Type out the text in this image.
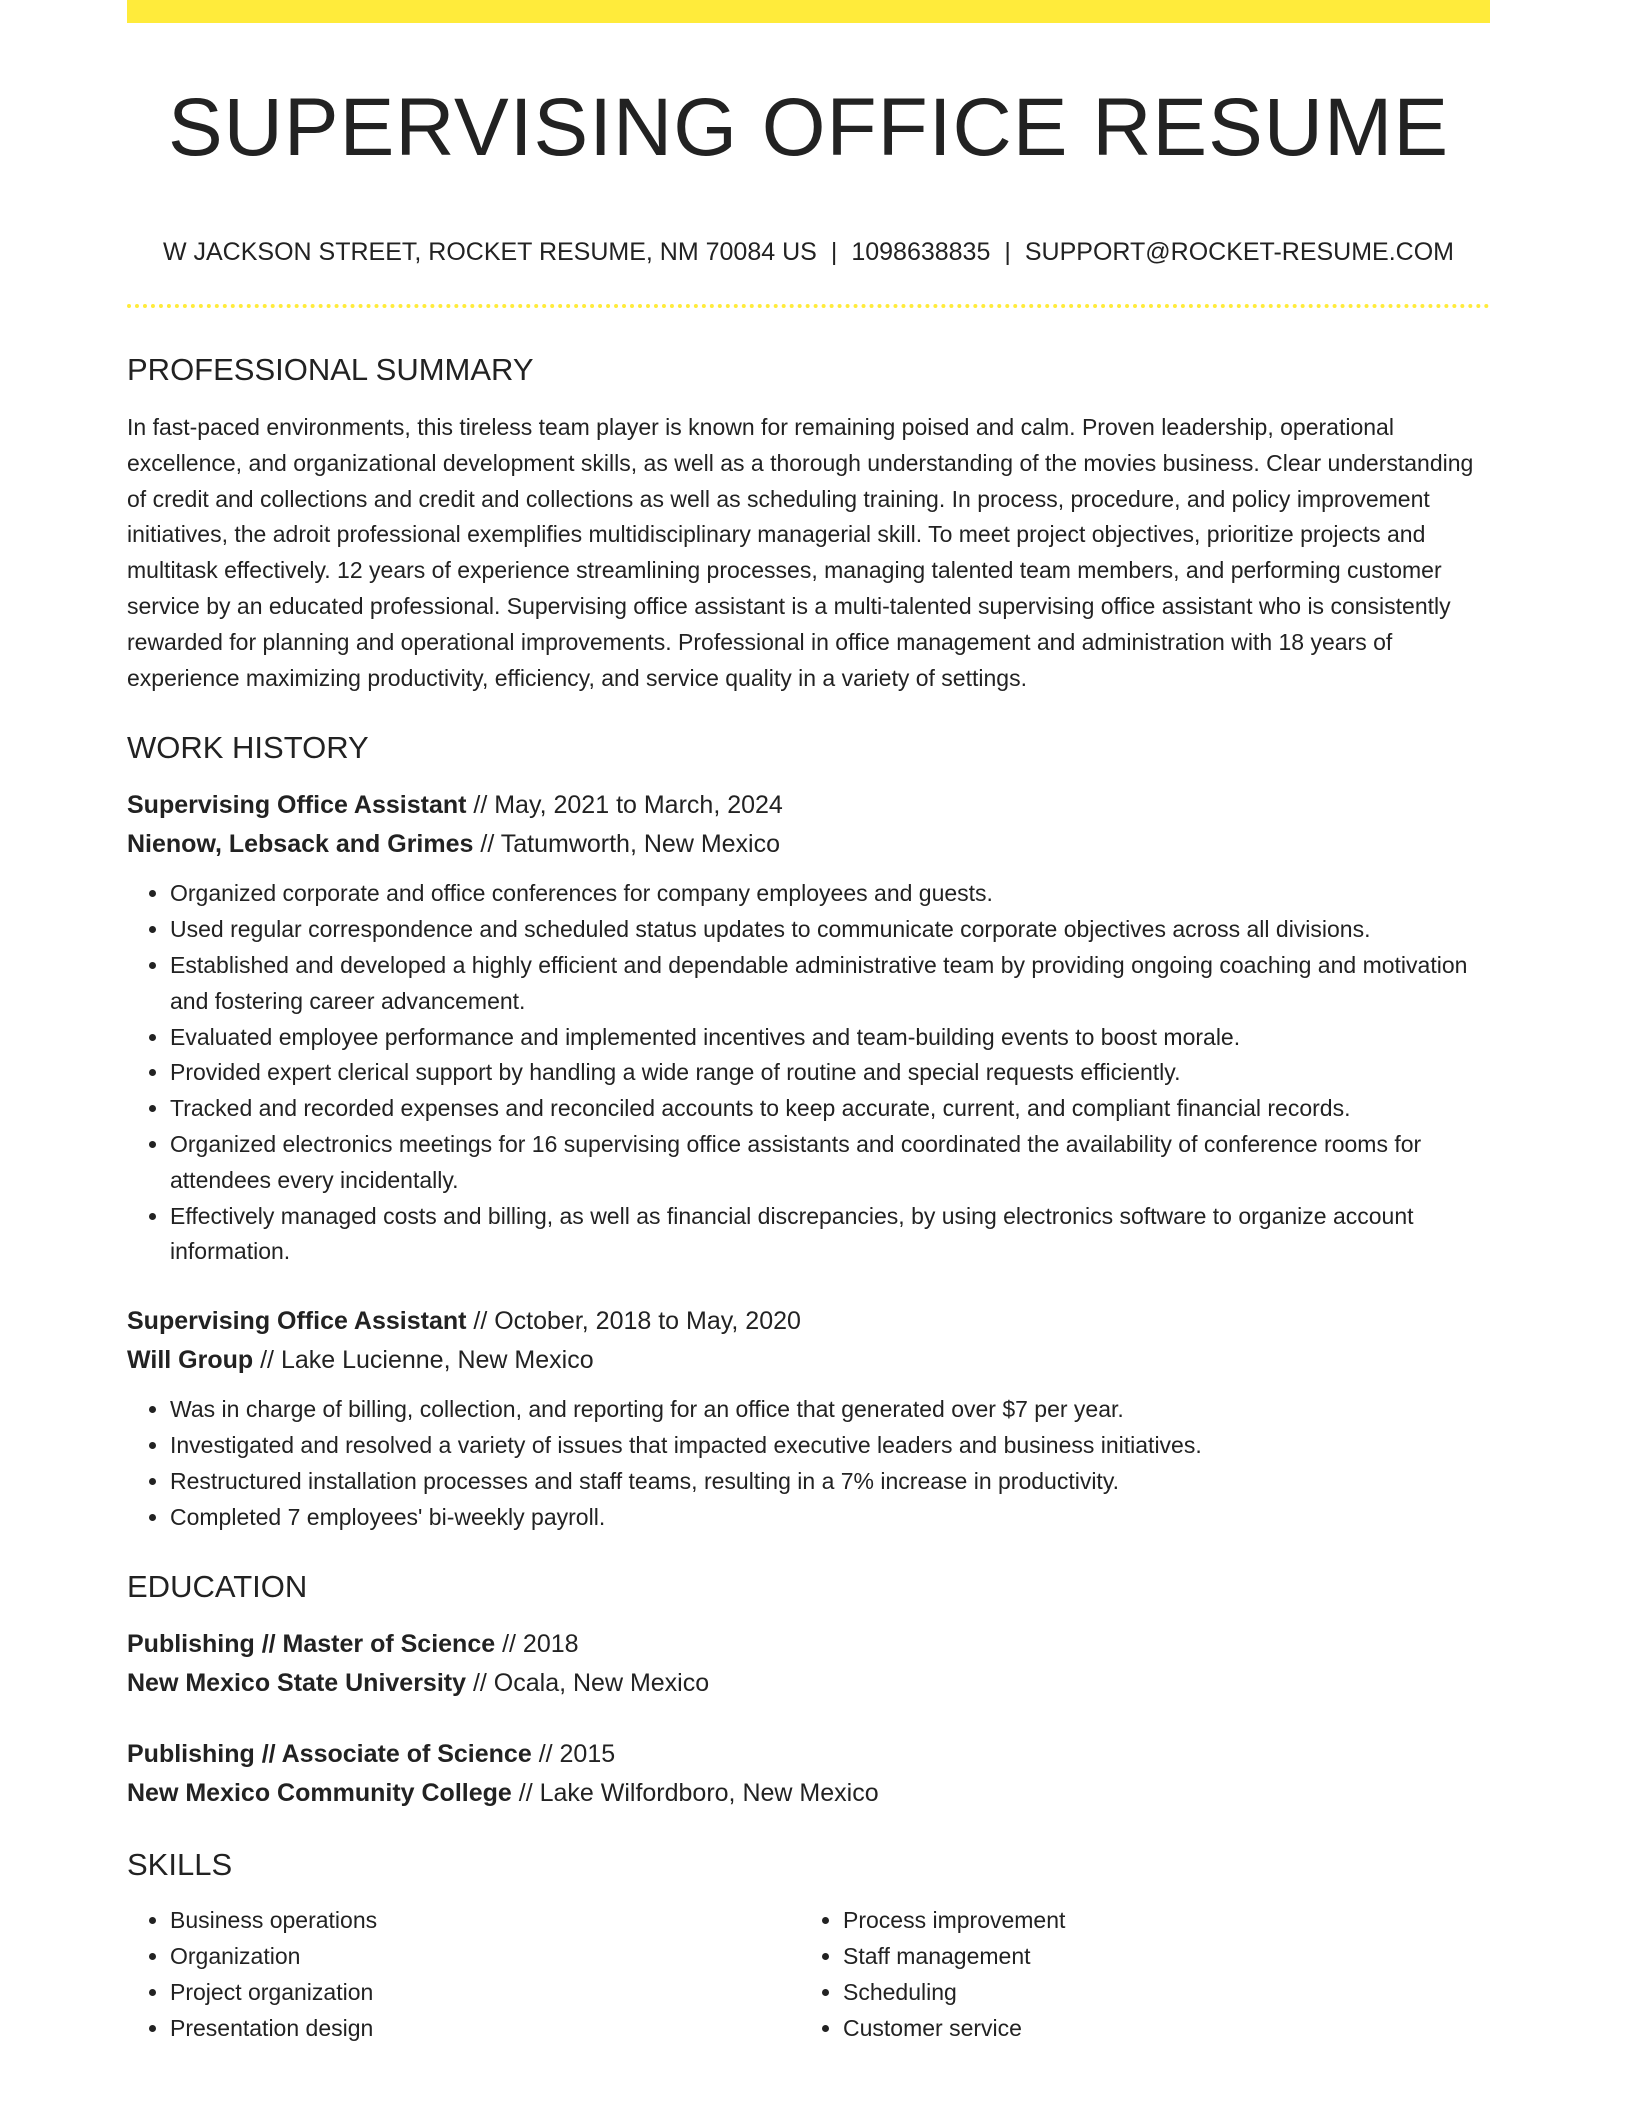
SUPERVISING OFFICE RESUME
W JACKSON STREET, ROCKET RESUME, NM 70084 US | 1098638835 | SUPPORT@ROCKET-RESUME.COM
PROFESSIONAL SUMMARY

In fast-paced environments, this tireless team player is known for remaining poised and calm. Proven leadership, operational excellence, and organizational development skills, as well as a thorough understanding of the movies business. Clear understanding of credit and collections and credit and collections as well as scheduling training. In process, procedure, and policy improvement initiatives, the adroit professional exemplifies multidisciplinary managerial skill. To meet project objectives, prioritize projects and multitask effectively. 12 years of experience streamlining processes, managing talented team members, and performing customer service by an educated professional. Supervising office assistant is a multi-talented supervising office assistant who is consistently rewarded for planning and operational improvements. Professional in office management and administration with 18 years of experience maximizing productivity, efficiency, and service quality in a variety of settings.

WORK HISTORY
Supervising Office Assistant // May, 2021 to March, 2024
Nienow, Lebsack and Grimes // Tatumworth, New Mexico
• Organized corporate and office conferences for company employees and guests.
• Used regular correspondence and scheduled status updates to communicate corporate objectives across all divisions.
• Established and developed a highly efficient and dependable administrative team by providing ongoing coaching and motivation and fostering career advancement.
• Evaluated employee performance and implemented incentives and team-building events to boost morale.
• Provided expert clerical support by handling a wide range of routine and special requests efficiently.
• Tracked and recorded expenses and reconciled accounts to keep accurate, current, and compliant financial records.
• Organized electronics meetings for 16 supervising office assistants and coordinated the availability of conference rooms for attendees every incidentally.
• Effectively managed costs and billing, as well as financial discrepancies, by using electronics software to organize account information.
Supervising Office Assistant // October, 2018 to May, 2020
Will Group // Lake Lucienne, New Mexico
• Was in charge of billing, collection, and reporting for an office that generated over $7 per year.
• Investigated and resolved a variety of issues that impacted executive leaders and business initiatives.
• Restructured installation processes and staff teams, resulting in a 7% increase in productivity.
• Completed 7 employees' bi-weekly payroll.
EDUCATION
Publishing // Master of Science // 2018
New Mexico State University // Ocala, New Mexico
Publishing // Associate of Science // 2015
New Mexico Community College // Lake Wilfordboro, New Mexico
SKILLS
• Business operations
• Organization
• Project organization
• Presentation design
• Process improvement
• Staff management
• Scheduling
• Customer service
